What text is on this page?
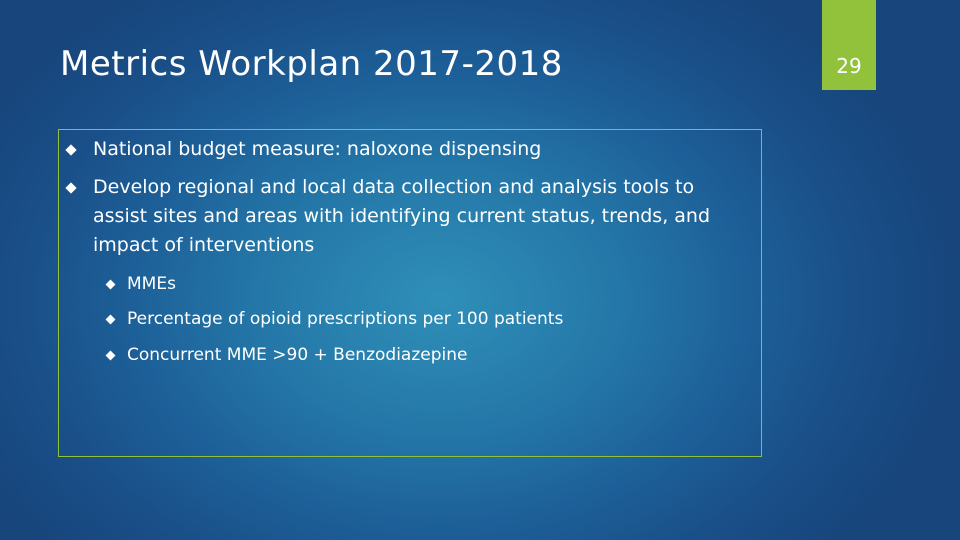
Metrics Workplan 2017-2018	29
National budget measure: naloxone dispensing
Develop regional and local data collection and analysis tools to assist sites and areas with identifying current status, trends, and impact of interventions
MMEs
Percentage of opioid prescriptions per 100 patients
Concurrent MME >90 + Benzodiazepine
